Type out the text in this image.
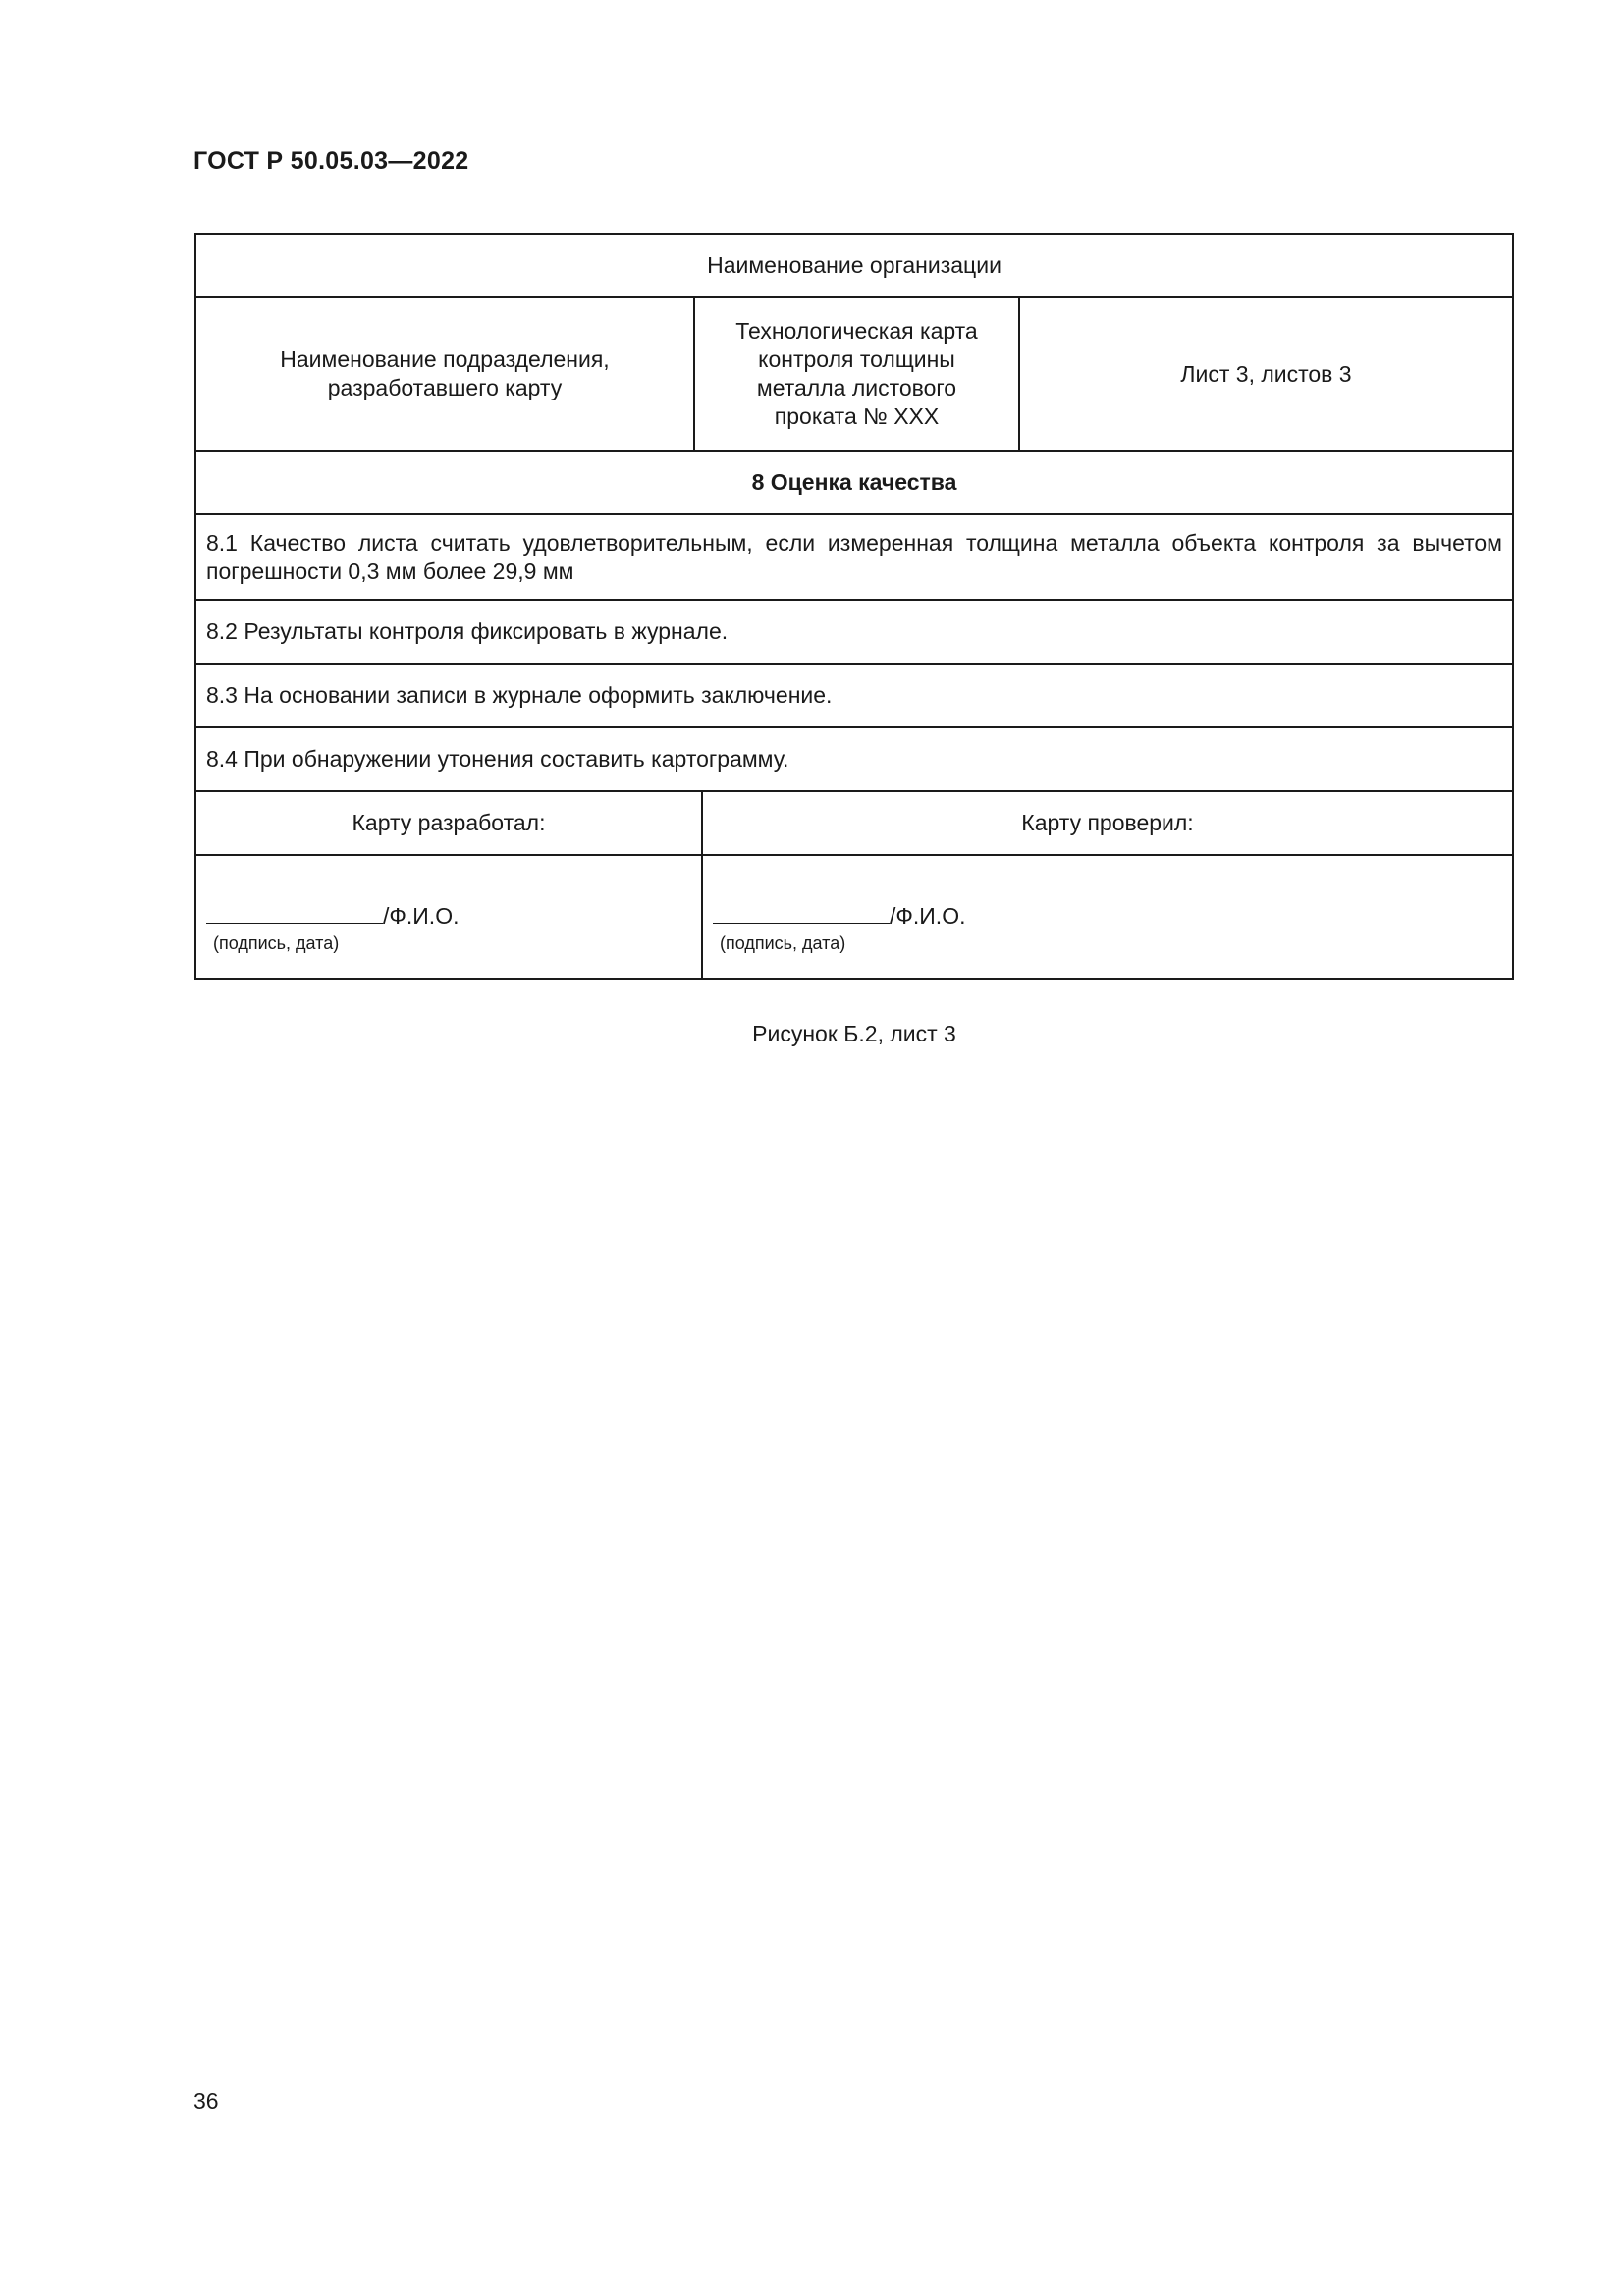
ГОСТ Р 50.05.03—2022
Наименование организации
Наименование подразделения, разработавшего карту
Технологическая карта
контроля толщины
металла листового
проката № XXX
Лист 3, листов 3
8 Оценка качества
8.1 Качество листа считать удовлетворительным, если измеренная толщина металла объекта контроля за вычетом погрешности 0,3 мм более 29,9 мм
8.2 Результаты контроля фиксировать в журнале.
8.3 На основании записи в журнале оформить заключение.
8.4 При обнаружении утонения составить картограмму.
Карту разработал:	Карту проверил:
/Ф.И.О.
(подпись, дата)
/Ф.И.О.
(подпись, дата)
Рисунок Б.2, лист 3
36
